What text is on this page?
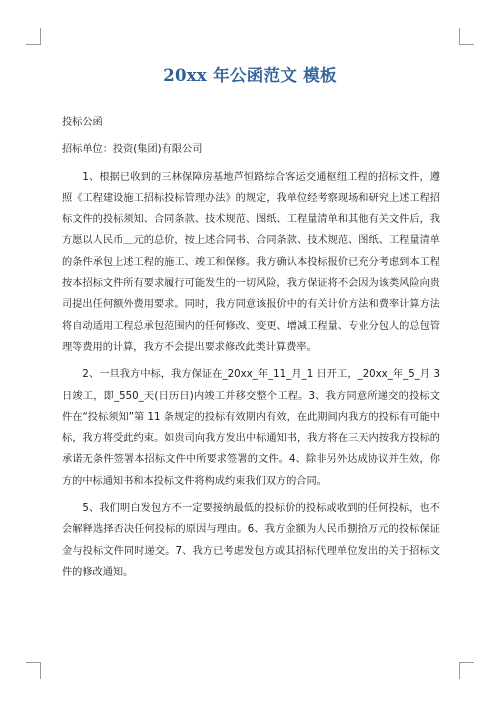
20xx 年公函范文 模板

投标公函

招标单位：投资(集团)有限公司

1、根据已收到的三林保障房基地芦恒路综合客运交通枢纽工程的招标文件，遵照《工程建设施工招标投标管理办法》的规定，我单位经考察现场和研究上述工程招标文件的投标须知、合同条款、技术规范、图纸、工程量清单和其他有关文件后，我方愿以人民币＿元的总价，按上述合同书、合同条款、技术规范、图纸、工程量清单的条件承包上述工程的施工、竣工和保修。我方确认本投标报价已充分考虑到本工程按本招标文件所有要求履行可能发生的一切风险，我方保证将不会因为该类风险向贵司提出任何额外费用要求。同时，我方同意该报价中的有关计价方法和费率计算方法将自动适用工程总承包范围内的任何修改、变更、增减工程量、专业分包人的总包管理等费用的计算，我方不会提出要求修改此类计算费率。

2、一旦我方中标，我方保证在_20xx_年_11_月_1 日开工，_20xx_年_5_月 3 日竣工，即_550_天(日历日)内竣工并移交整个工程。3、我方同意所递交的投标文件在“投标须知”第 11 条规定的投标有效期内有效，在此期间内我方的投标有可能中标，我方将受此约束。如贵司向我方发出中标通知书，我方将在三天内按我方投标的承诺无条件签署本招标文件中所要求签署的文件。4、除非另外达成协议并生效，你方的中标通知书和本投标文件将构成约束我们双方的合同。

5、我们明白发包方不一定要接纳最低的投标价的投标或收到的任何投标，也不会解释选择否决任何投标的原因与理由。6、我方金额为人民币捌拾万元的投标保证金与投标文件同时递交。7、我方已考虑发包方或其招标代理单位发出的关于招标文件的修改通知。
